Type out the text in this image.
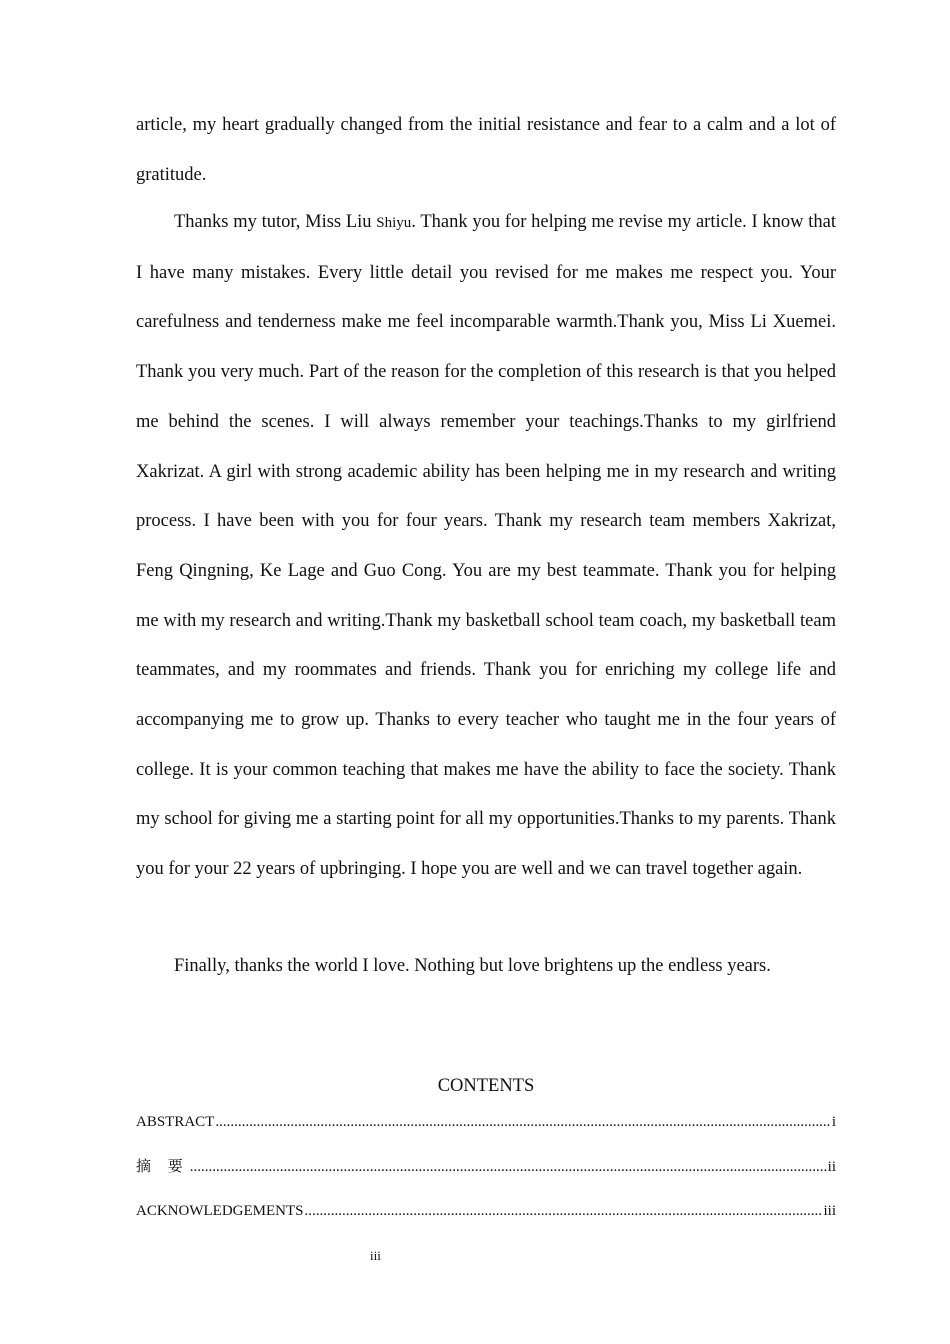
article, my heart gradually changed from the initial resistance and fear to a calm and a lot of gratitude.

Thanks my tutor, Miss Liu Shiyu. Thank you for helping me revise my article. I know that I have many mistakes. Every little detail you revised for me makes me respect you. Your carefulness and tenderness make me feel incomparable warmth.Thank you, Miss Li Xuemei. Thank you very much. Part of the reason for the completion of this research is that you helped me behind the scenes. I will always remember your teachings.Thanks to my girlfriend Xakrizat. A girl with strong academic ability has been helping me in my research and writing process. I have been with you for four years. Thank my research team members Xakrizat, Feng Qingning, Ke Lage and Guo Cong. You are my best teammate. Thank you for helping me with my research and writing.Thank my basketball school team coach, my basketball team teammates, and my roommates and friends. Thank you for enriching my college life and accompanying me to grow up. Thanks to every teacher who taught me in the four years of college. It is your common teaching that makes me have the ability to face the society. Thank my school for giving me a starting point for all my opportunities.Thanks to my parents. Thank you for your 22 years of upbringing. I hope you are well and we can travel together again.

Finally, thanks the world I love. Nothing but love brightens up the endless years.

CONTENTS
ABSTRACT .....	i
摘 要 .....	ii
ACKNOWLEDGEMENTS .....	iii
iii
